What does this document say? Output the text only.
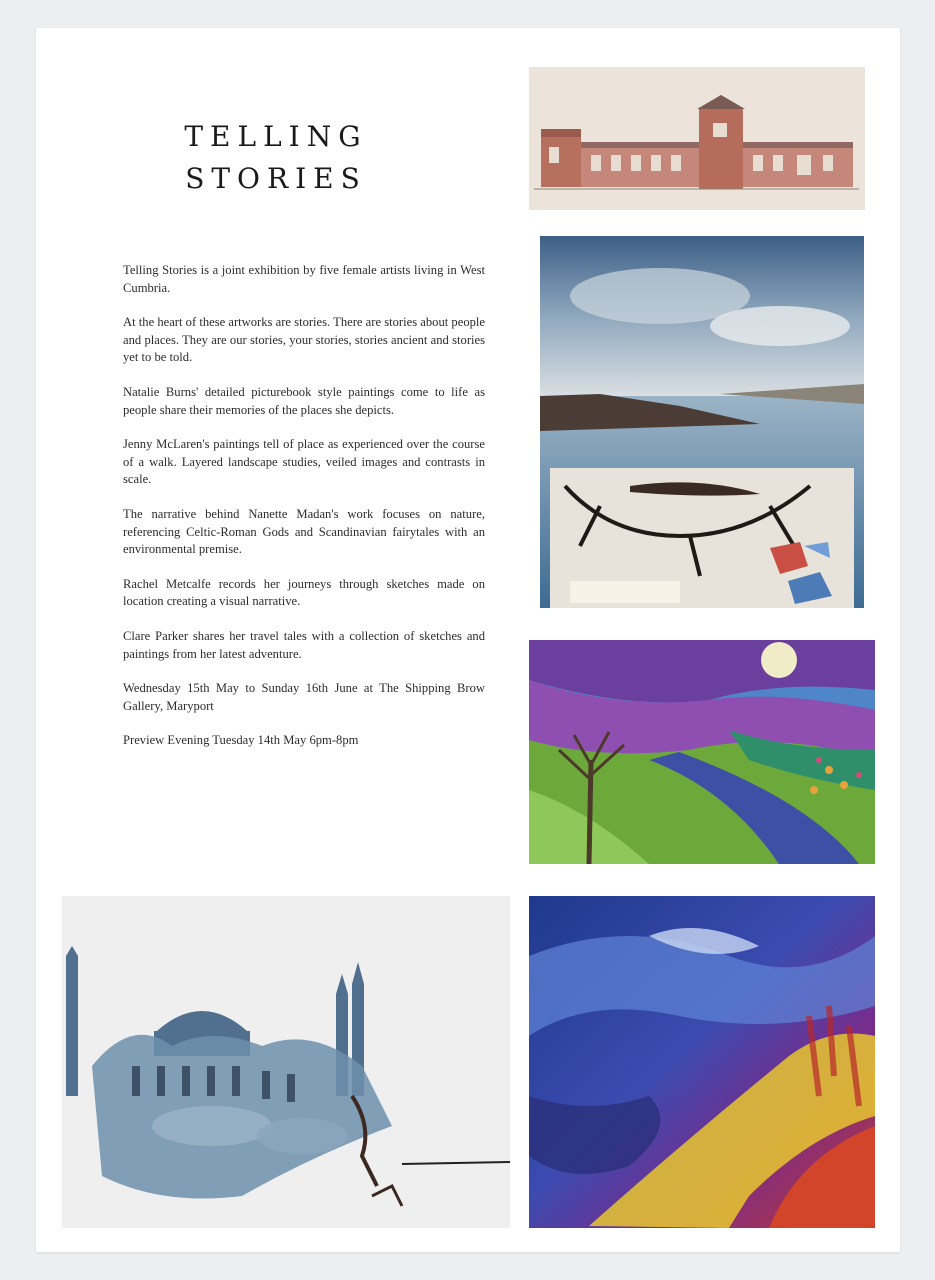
TELLING
STORIES

Telling Stories is a joint exhibition by five female artists living in West Cumbria.

At the heart of these artworks are stories. There are stories about people and places. They are our stories, your stories, stories ancient and stories yet to be told.

Natalie Burns' detailed picturebook style paintings come to life as people share their memories of the places she depicts.

Jenny McLaren's paintings tell of place as experienced over the course of a walk. Layered landscape studies, veiled images and contrasts in scale.

The narrative behind Nanette Madan's work focuses on nature, referencing Celtic-Roman Gods and Scandinavian fairytales with an environmental premise.

Rachel Metcalfe records her journeys through sketches made on location creating a visual narrative.

Clare Parker shares her travel tales with a collection of sketches and paintings from her latest adventure.

Wednesday 15th May to Sunday 16th June at The Shipping Brow Gallery, Maryport

Preview Evening Tuesday 14th May 6pm-8pm
